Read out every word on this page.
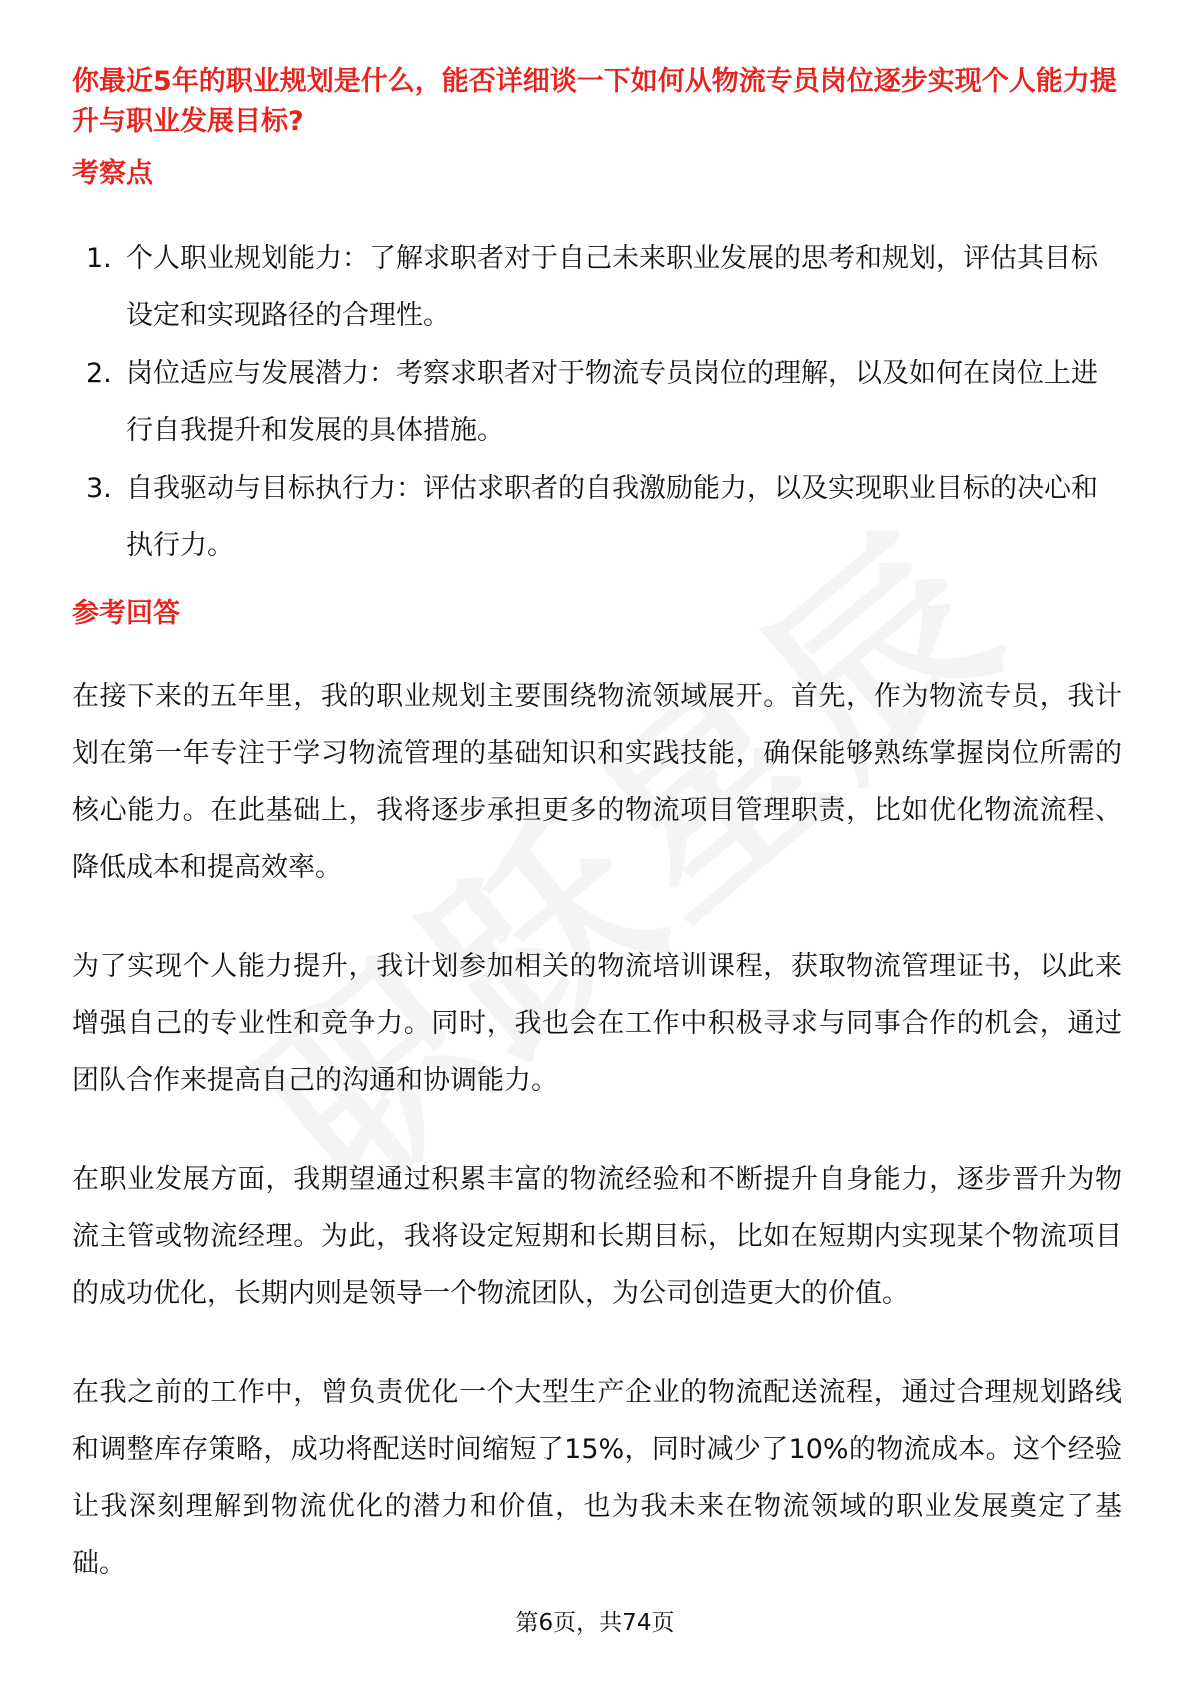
你最近5年的职业规划是什么，能否详细谈一下如何从物流专员岗位逐步实现个人能力提升与职业发展目标?
考察点
1. 个人职业规划能力：了解求职者对于自己未来职业发展的思考和规划，评估其目标设定和实现路径的合理性。
2. 岗位适应与发展潜力：考察求职者对于物流专员岗位的理解，以及如何在岗位上进行自我提升和发展的具体措施。
3. 自我驱动与目标执行力：评估求职者的自我激励能力，以及实现职业目标的决心和执行力。
参考回答

在接下来的五年里，我的职业规划主要围绕物流领域展开。首先，作为物流专员，我计划在第一年专注于学习物流管理的基础知识和实践技能，确保能够熟练掌握岗位所需的核心能力。在此基础上，我将逐步承担更多的物流项目管理职责，比如优化物流流程、降低成本和提高效率。

为了实现个人能力提升，我计划参加相关的物流培训课程，获取物流管理证书，以此来增强自己的专业性和竞争力。同时，我也会在工作中积极寻求与同事合作的机会，通过团队合作来提高自己的沟通和协调能力。

在职业发展方面，我期望通过积累丰富的物流经验和不断提升自身能力，逐步晋升为物流主管或物流经理。为此，我将设定短期和长期目标，比如在短期内实现某个物流项目的成功优化，长期内则是领导一个物流团队，为公司创造更大的价值。

在我之前的工作中，曾负责优化一个大型生产企业的物流配送流程，通过合理规划路线和调整库存策略，成功将配送时间缩短了15%，同时减少了10%的物流成本。这个经验让我深刻理解到物流优化的潜力和价值，也为我未来在物流领域的职业发展奠定了基础。

第6页，共74页
